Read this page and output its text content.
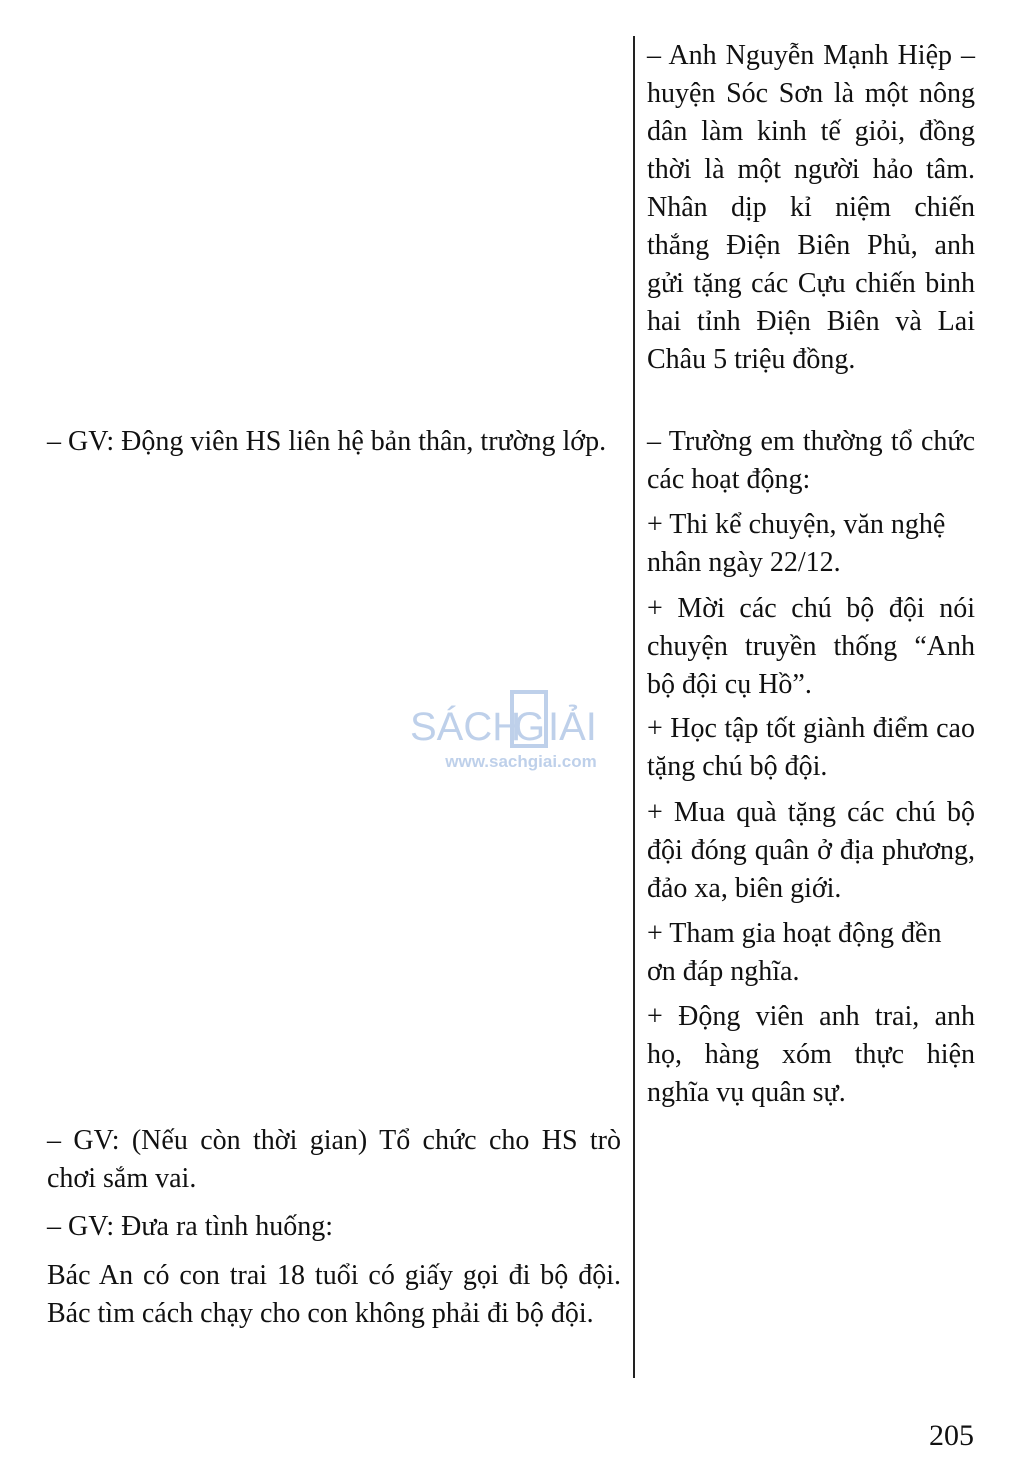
– Anh Nguyễn Mạnh Hiệp – huyện Sóc Sơn là một nông dân làm kinh tế giỏi, đồng thời là một người hảo tâm. Nhân dịp kỉ niệm chiến thắng Điện Biên Phủ, anh gửi tặng các Cựu chiến binh hai tỉnh Điện Biên và Lai Châu 5 triệu đồng.

– Trường em thường tổ chức các hoạt động:

+ Thi kể chuyện, văn nghệ nhân ngày 22/12.

+ Mời các chú bộ đội nói chuyện truyền thống “Anh bộ đội cụ Hồ”.

+ Học tập tốt giành điểm cao tặng chú bộ đội.

+ Mua quà tặng các chú bộ đội đóng quân ở địa phương, đảo xa, biên giới.

+ Tham gia hoạt động đền ơn đáp nghĩa.

+ Động viên anh trai, anh họ, hàng xóm thực hiện nghĩa vụ quân sự.

– GV: Động viên HS liên hệ bản thân, trường lớp.

– GV: (Nếu còn thời gian) Tổ chức cho HS trò chơi sắm vai.

– GV: Đưa ra tình huống:

Bác An có con trai 18 tuổi có giấy gọi đi bộ đội. Bác tìm cách chạy cho con không phải đi bộ đội.

SÁCH
G IẢI
www.sachgiai.com
205
